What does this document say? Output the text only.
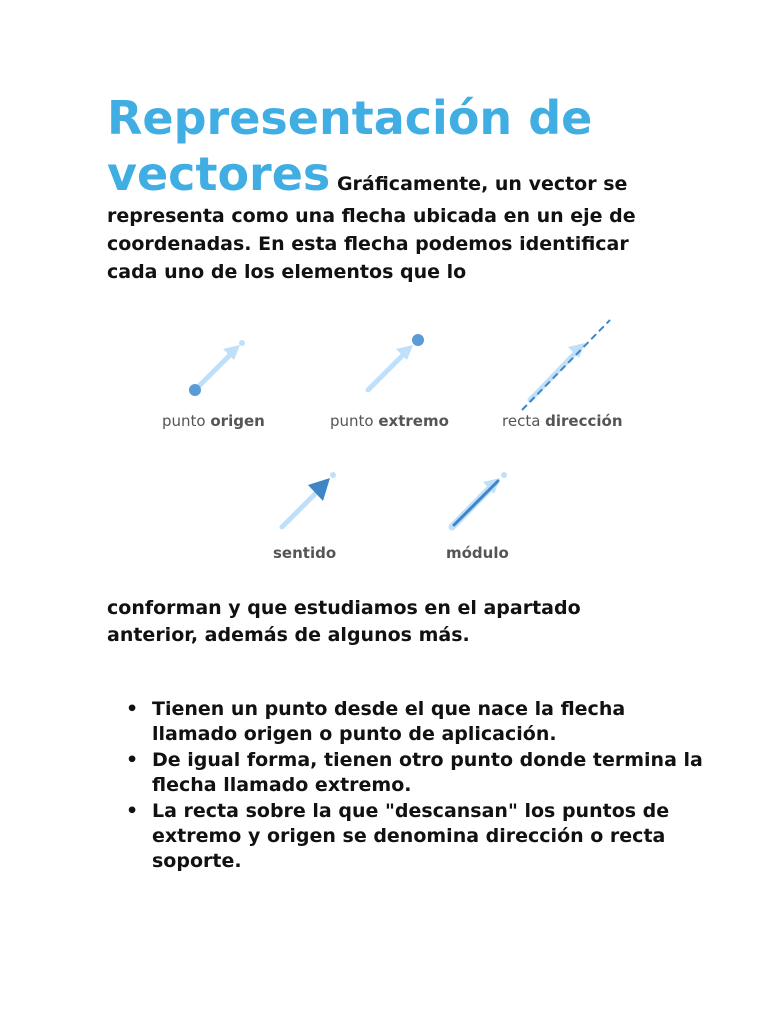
Representación de

vectores Gráficamente, un vector se representa como una flecha ubicada en un eje de coordenadas. En esta flecha podemos identificar cada uno de los elementos que lo

punto origen	punto extremo	recta dirección
sentido	módulo

conforman y que estudiamos en el apartado anterior, además de algunos más.

• Tienen un punto desde el que nace la flecha llamado origen o punto de aplicación.
• De igual forma, tienen otro punto donde termina la flecha llamado extremo.
• La recta sobre la que "descansan" los puntos de extremo y origen se denomina dirección o recta soporte.
